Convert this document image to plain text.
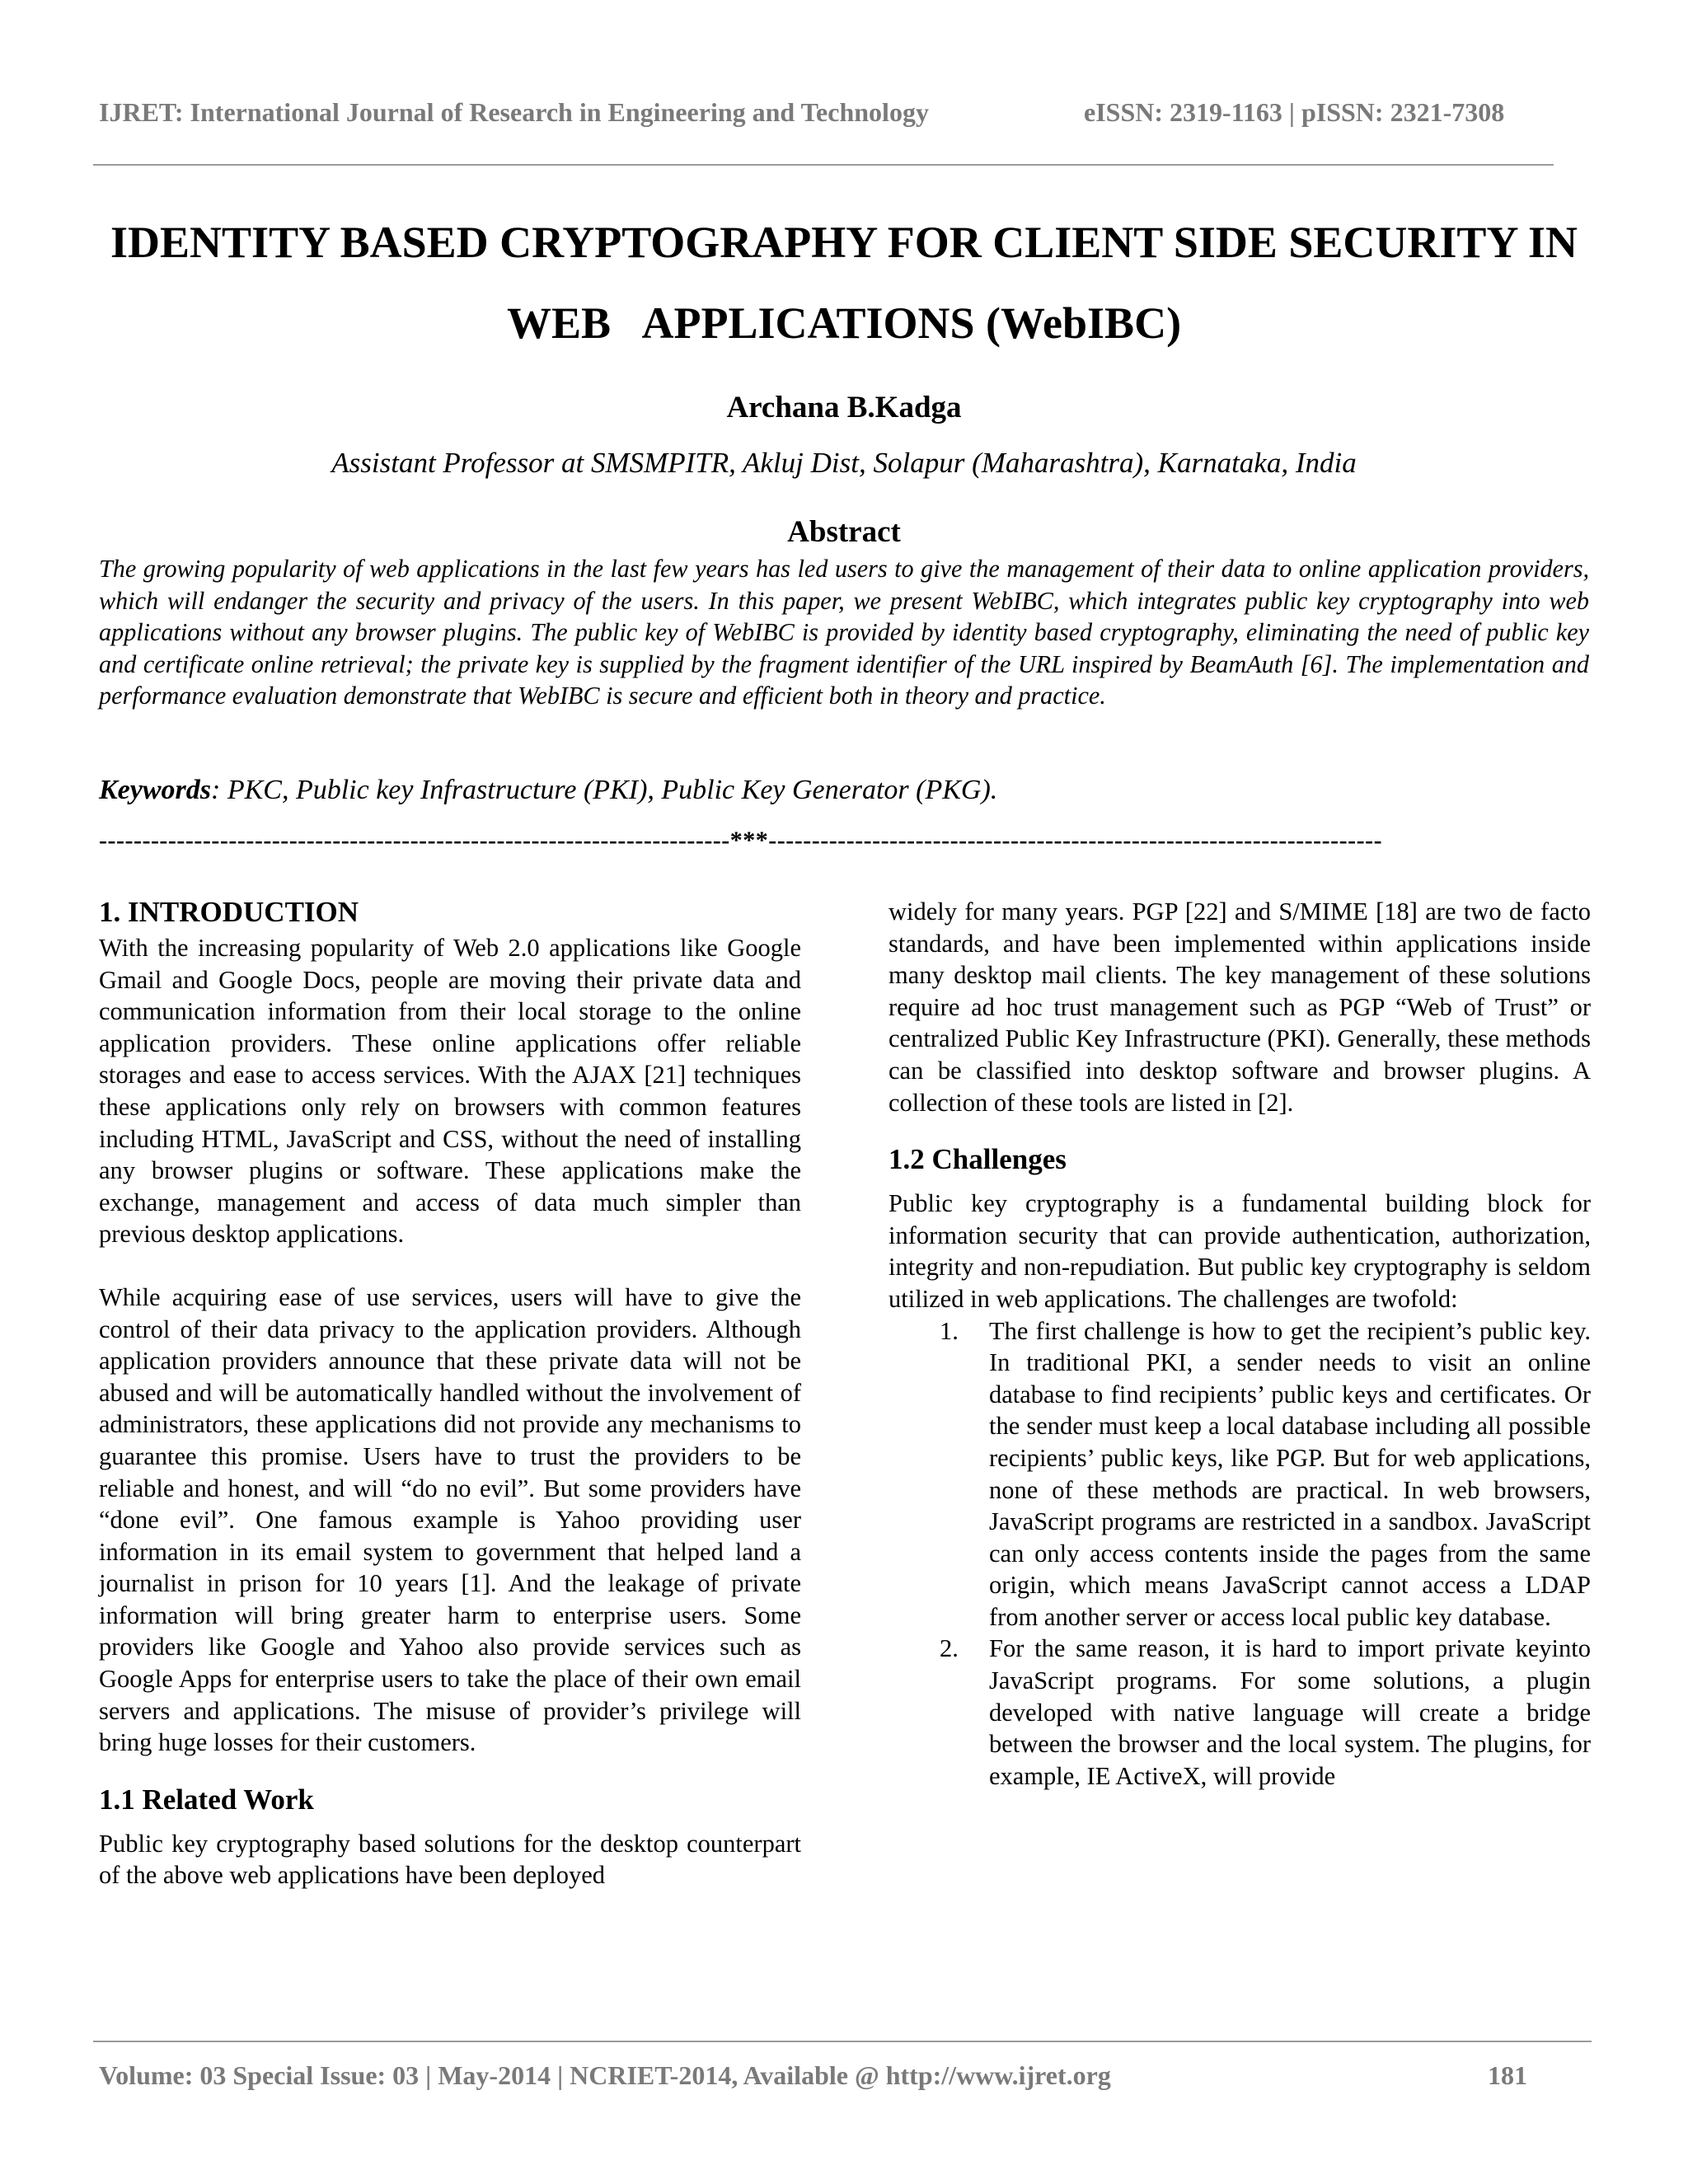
IJRET: International Journal of Research in Engineering and Technology	eISSN: 2319-1163 | pISSN: 2321-7308
IDENTITY BASED CRYPTOGRAPHY FOR CLIENT SIDE SECURITY IN
WEB   APPLICATIONS (WebIBC)
Archana B.Kadga
Assistant Professor at SMSMPITR, Akluj Dist, Solapur (Maharashtra), Karnataka, India
Abstract
The growing popularity of web applications in the last few years has led users to give the management of their data to online application providers, which will endanger the security and privacy of the users. In this paper, we present WebIBC, which integrates public key cryptography into web applications without any browser plugins. The public key of WebIBC is provided by identity based cryptography, eliminating the need of public key and certificate online retrieval; the private key is supplied by the fragment identifier of the URL inspired by BeamAuth [6]. The implementation and performance evaluation demonstrate that WebIBC is secure and efficient both in theory and practice.
Keywords: PKC, Public key Infrastructure (PKI), Public Key Generator (PKG).
-------------------------------------------------------------------------***-----------------------------------------------------------------------
1. INTRODUCTION

With the increasing popularity of Web 2.0 applications like Google Gmail and Google Docs, people are moving their private data and communication information from their local storage to the online application providers. These online applications offer reliable storages and ease to access services. With the AJAX [21] techniques these applications only rely on browsers with common features including HTML, JavaScript and CSS, without the need of installing any browser plugins or software. These applications make the exchange, management and access of data much simpler than previous desktop applications.

While acquiring ease of use services, users will have to give the control of their data privacy to the application providers. Although application providers announce that these private data will not be abused and will be automatically handled without the involvement of administrators, these applications did not provide any mechanisms to guarantee this promise. Users have to trust the providers to be reliable and honest, and will “do no evil”. But some providers have “done evil”. One famous example is Yahoo providing user information in its email system to government that helped land a journalist in prison for 10 years [1]. And the leakage of private information will bring greater harm to enterprise users. Some providers like Google and Yahoo also provide services such as Google Apps for enterprise users to take the place of their own email servers and applications. The misuse of provider’s privilege will bring huge losses for their customers.

1.1 Related Work

Public key cryptography based solutions for the desktop counterpart of the above web applications have been deployed

widely for many years. PGP [22] and S/MIME [18] are two de facto standards, and have been implemented within applications inside many desktop mail clients. The key management of these solutions require ad hoc trust management such as PGP “Web of Trust” or centralized Public Key Infrastructure (PKI). Generally, these methods can be classified into desktop software and browser plugins. A collection of these tools are listed in [2].

1.2 Challenges

Public key cryptography is a fundamental building block for information security that can provide authentication, authorization, integrity and non-repudiation. But public key cryptography is seldom utilized in web applications. The challenges are twofold:

1. The first challenge is how to get the recipient’s public key. In traditional PKI, a sender needs to visit an online database to find recipients’ public keys and certificates. Or the sender must keep a local database including all possible recipients’ public keys, like PGP. But for web applications, none of these methods are practical. In web browsers, JavaScript programs are restricted in a sandbox. JavaScript can only access contents inside the pages from the same origin, which means JavaScript cannot access a LDAP from another server or access local public key database.
2. For the same reason, it is hard to import private keyinto JavaScript programs. For some solutions, a plugin developed with native language will create a bridge between the browser and the local system. The plugins, for example, IE ActiveX, will provide
Volume: 03 Special Issue: 03 | May-2014 | NCRIET-2014, Available @ http://www.ijret.org	181
